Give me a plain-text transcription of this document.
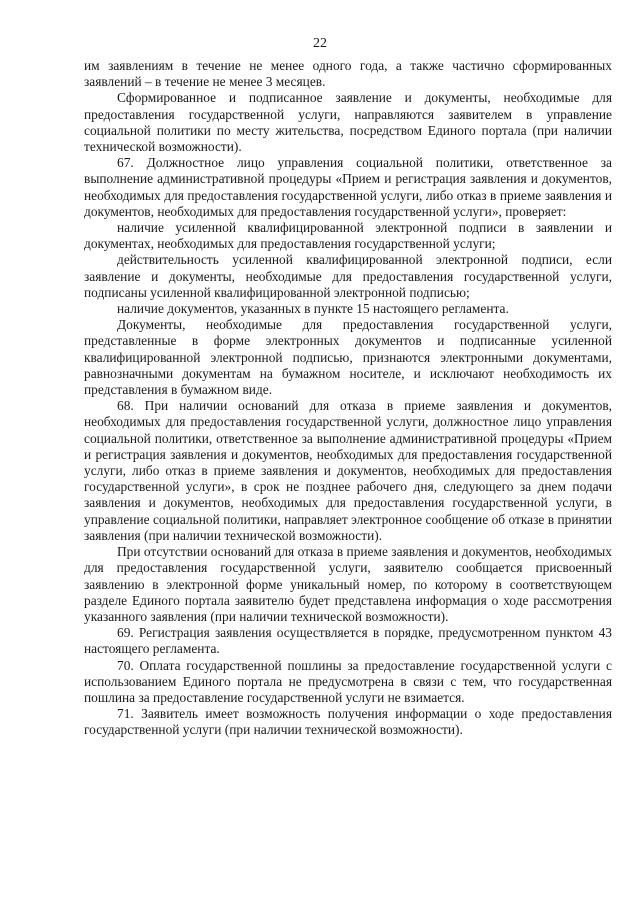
22

им заявлениям в течение не менее одного года, а также частично сформированных заявлений – в течение не менее 3 месяцев.

Сформированное и подписанное заявление и документы, необходимые для предоставления государственной услуги, направляются заявителем в управление социальной политики по месту жительства, посредством Единого портала (при наличии технической возможности).

67. Должностное лицо управления социальной политики, ответственное за выполнение административной процедуры «Прием и регистрация заявления и документов, необходимых для предоставления государственной услуги, либо отказ в приеме заявления и документов, необходимых для предоставления государственной услуги», проверяет:

наличие усиленной квалифицированной электронной подписи в заявлении и документах, необходимых для предоставления государственной услуги;

действительность усиленной квалифицированной электронной подписи, если заявление и документы, необходимые для предоставления государственной услуги, подписаны усиленной квалифицированной электронной подписью;

наличие документов, указанных в пункте 15 настоящего регламента.

Документы, необходимые для предоставления государственной услуги, представленные в форме электронных документов и подписанные усиленной квалифицированной электронной подписью, признаются электронными документами, равнозначными документам на бумажном носителе, и исключают необходимость их представления в бумажном виде.

68. При наличии оснований для отказа в приеме заявления и документов, необходимых для предоставления государственной услуги, должностное лицо управления социальной политики, ответственное за выполнение административной процедуры «Прием и регистрация заявления и документов, необходимых для предоставления государственной услуги, либо отказ в приеме заявления и документов, необходимых для предоставления государственной услуги», в срок не позднее рабочего дня, следующего за днем подачи заявления и документов, необходимых для предоставления государственной услуги, в управление социальной политики, направляет электронное сообщение об отказе в принятии заявления (при наличии технической возможности).

При отсутствии оснований для отказа в приеме заявления и документов, необходимых для предоставления государственной услуги, заявителю сообщается присвоенный заявлению в электронной форме уникальный номер, по которому в соответствующем разделе Единого портала заявителю будет представлена информация о ходе рассмотрения указанного заявления (при наличии технической возможности).

69. Регистрация заявления осуществляется в порядке, предусмотренном пунктом 43 настоящего регламента.

70. Оплата государственной пошлины за предоставление государственной услуги с использованием Единого портала не предусмотрена в связи с тем, что государственная пошлина за предоставление государственной услуги не взимается.

71. Заявитель имеет возможность получения информации о ходе предоставления государственной услуги (при наличии технической возможности).
